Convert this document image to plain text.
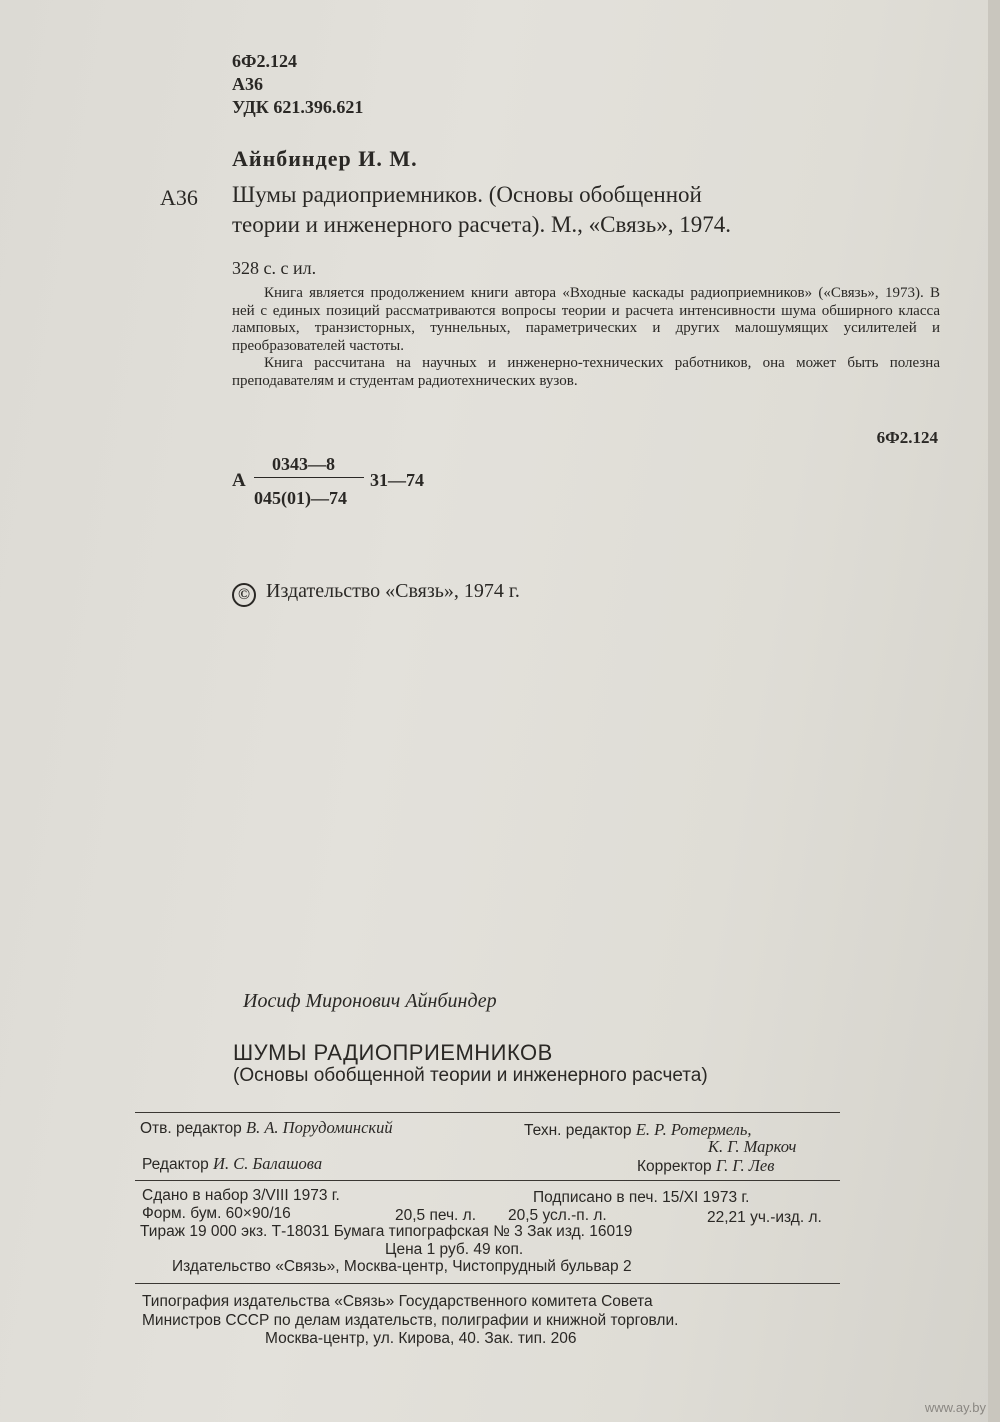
6Ф2.124
А36
УДК 621.396.621
Айнбиндер И. М.
А36 Шумы радиоприемников. (Основы обобщенной
теории и инженерного расчета). М., «Связь», 1974.
328 с. с ил.

Книга является продолжением книги автора «Входные каскады радиоприемников» («Связь», 1973). В ней с единых позиций рассматриваются вопросы теории и расчета интенсивности шума обширного класса ламповых, транзисторных, туннельных, параметрических и других малошумящих усилителей и преобразователей частоты.

Книга рассчитана на научных и инженерно-технических работников, она может быть полезна преподавателям и студентам радиотехнических вузов.

6Ф2.124
А
0343—8
045(01)—74
31—74
© Издательство «Связь», 1974 г.
Иосиф Миронович Айнбиндер
ШУМЫ РАДИОПРИЕМНИКОВ
(Основы обобщенной теории и инженерного расчета)
Отв. редактор В. А. Порудоминский	Техн. редактор Е. Р. Ротермель,
К. Г. Маркоч
Редактор И. С. Балашова	Корректор Г. Г. Лев
Сдано в набор 3/VIII 1973 г.	Подписано в печ. 15/XI 1973 г.
Форм. бум. 60×90/16	20,5 печ. л. 20,5 усл.-п. л.	22,21 уч.-изд. л.
Тираж 19 000 экз. Т-18031 Бумага типографская № 3 Зак изд. 16019
Цена 1 руб. 49 коп.
Издательство «Связь», Москва-центр, Чистопрудный бульвар 2
Типография издательства «Связь» Государственного комитета Совета
Министров СССР по делам издательств, полиграфии и книжной торговли.
Москва-центр, ул. Кирова, 40. Зак. тип. 206
www.ay.by
